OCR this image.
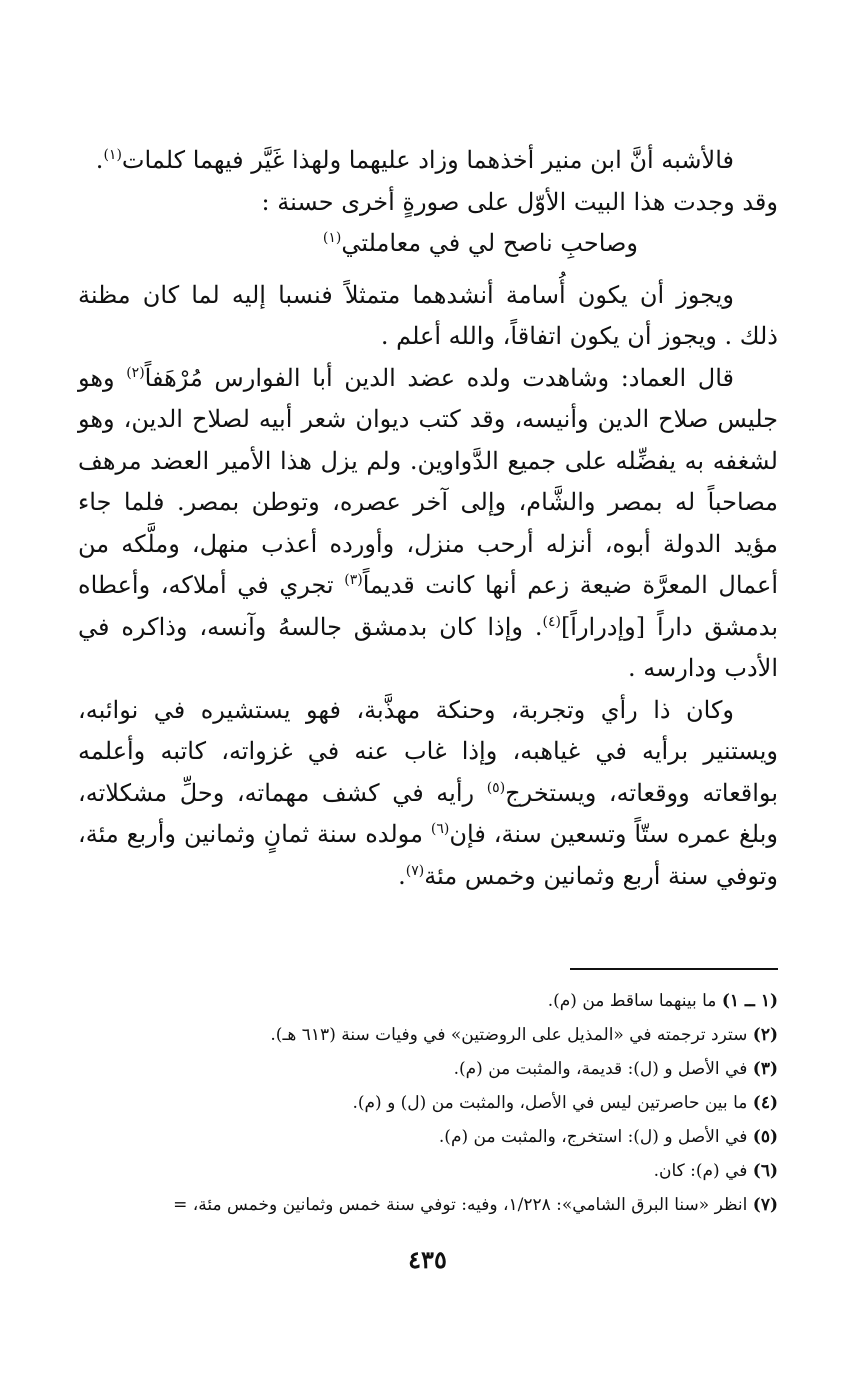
فالأشبه أنَّ ابن منير أخذهما وزاد عليهما ولهذا غَيَّر فيهما كلمات$^{(١)}$.

وقد وجدت هذا البيت الأوّل على صورةٍ أخرى حسنة :

وصاحبِ ناصح لي في معاملتي$^{(١)}$

ويجوز أن يكون أُسامة أنشدهما متمثلاً فنسبا إليه لما كان مظنة ذلك . ويجوز أن يكون اتفاقاً، والله أعلم .

قال العماد: وشاهدت ولده عضد الدين أبا الفوارس مُرْهَفاً$^{(٢)}$ وهو جليس صلاح الدين وأنيسه، وقد كتب ديوان شعر أبيه لصلاح الدين، وهو لشغفه به يفضِّله على جميع الدَّواوين. ولم يزل هذا الأمير العضد مرهف مصاحباً له بمصر والشَّام، وإلى آخر عصره، وتوطن بمصر. فلما جاء مؤيد الدولة أبوه، أنزله أرحب منزل، وأورده أعذب منهل، وملَّكه من أعمال المعرَّة ضيعة زعم أنها كانت قديماً$^{(٣)}$ تجري في أملاكه، وأعطاه بدمشق داراً [وإدراراً]$^{(٤)}$. وإذا كان بدمشق جالسهُ وآنسه، وذاكره في الأدب ودارسه .

وكان ذا رأي وتجربة، وحنكة مهذَّبة، فهو يستشيره في نوائبه، ويستنير برأيه في غياهبه، وإذا غاب عنه في غزواته، كاتبه وأعلمه بواقعاته ووقعاته، ويستخرج$^{(٥)}$ رأيه في كشف مهماته، وحلِّ مشكلاته، وبلغ عمره ستّاً وتسعين سنة، فإن$^{(٦)}$ مولده سنة ثمانٍ وثمانين وأربع مئة، وتوفي سنة أربع وثمانين وخمس مئة$^{(٧)}$.

(١ ــ ١) ما بينهما ساقط من (م).

(٢) سترد ترجمته في «المذيل على الروضتين» في وفيات سنة (٦١٣ هـ).

(٣) في الأصل و (ل): قديمة، والمثبت من (م).

(٤) ما بين حاصرتين ليس في الأصل، والمثبت من (ل) و (م).

(٥) في الأصل و (ل): استخرج، والمثبت من (م).

(٦) في (م): كان.

(٧) انظر «سنا البرق الشامي»: ١/٢٢٨، وفيه: توفي سنة خمس وثمانين وخمس مئة، =

٤٣٥
